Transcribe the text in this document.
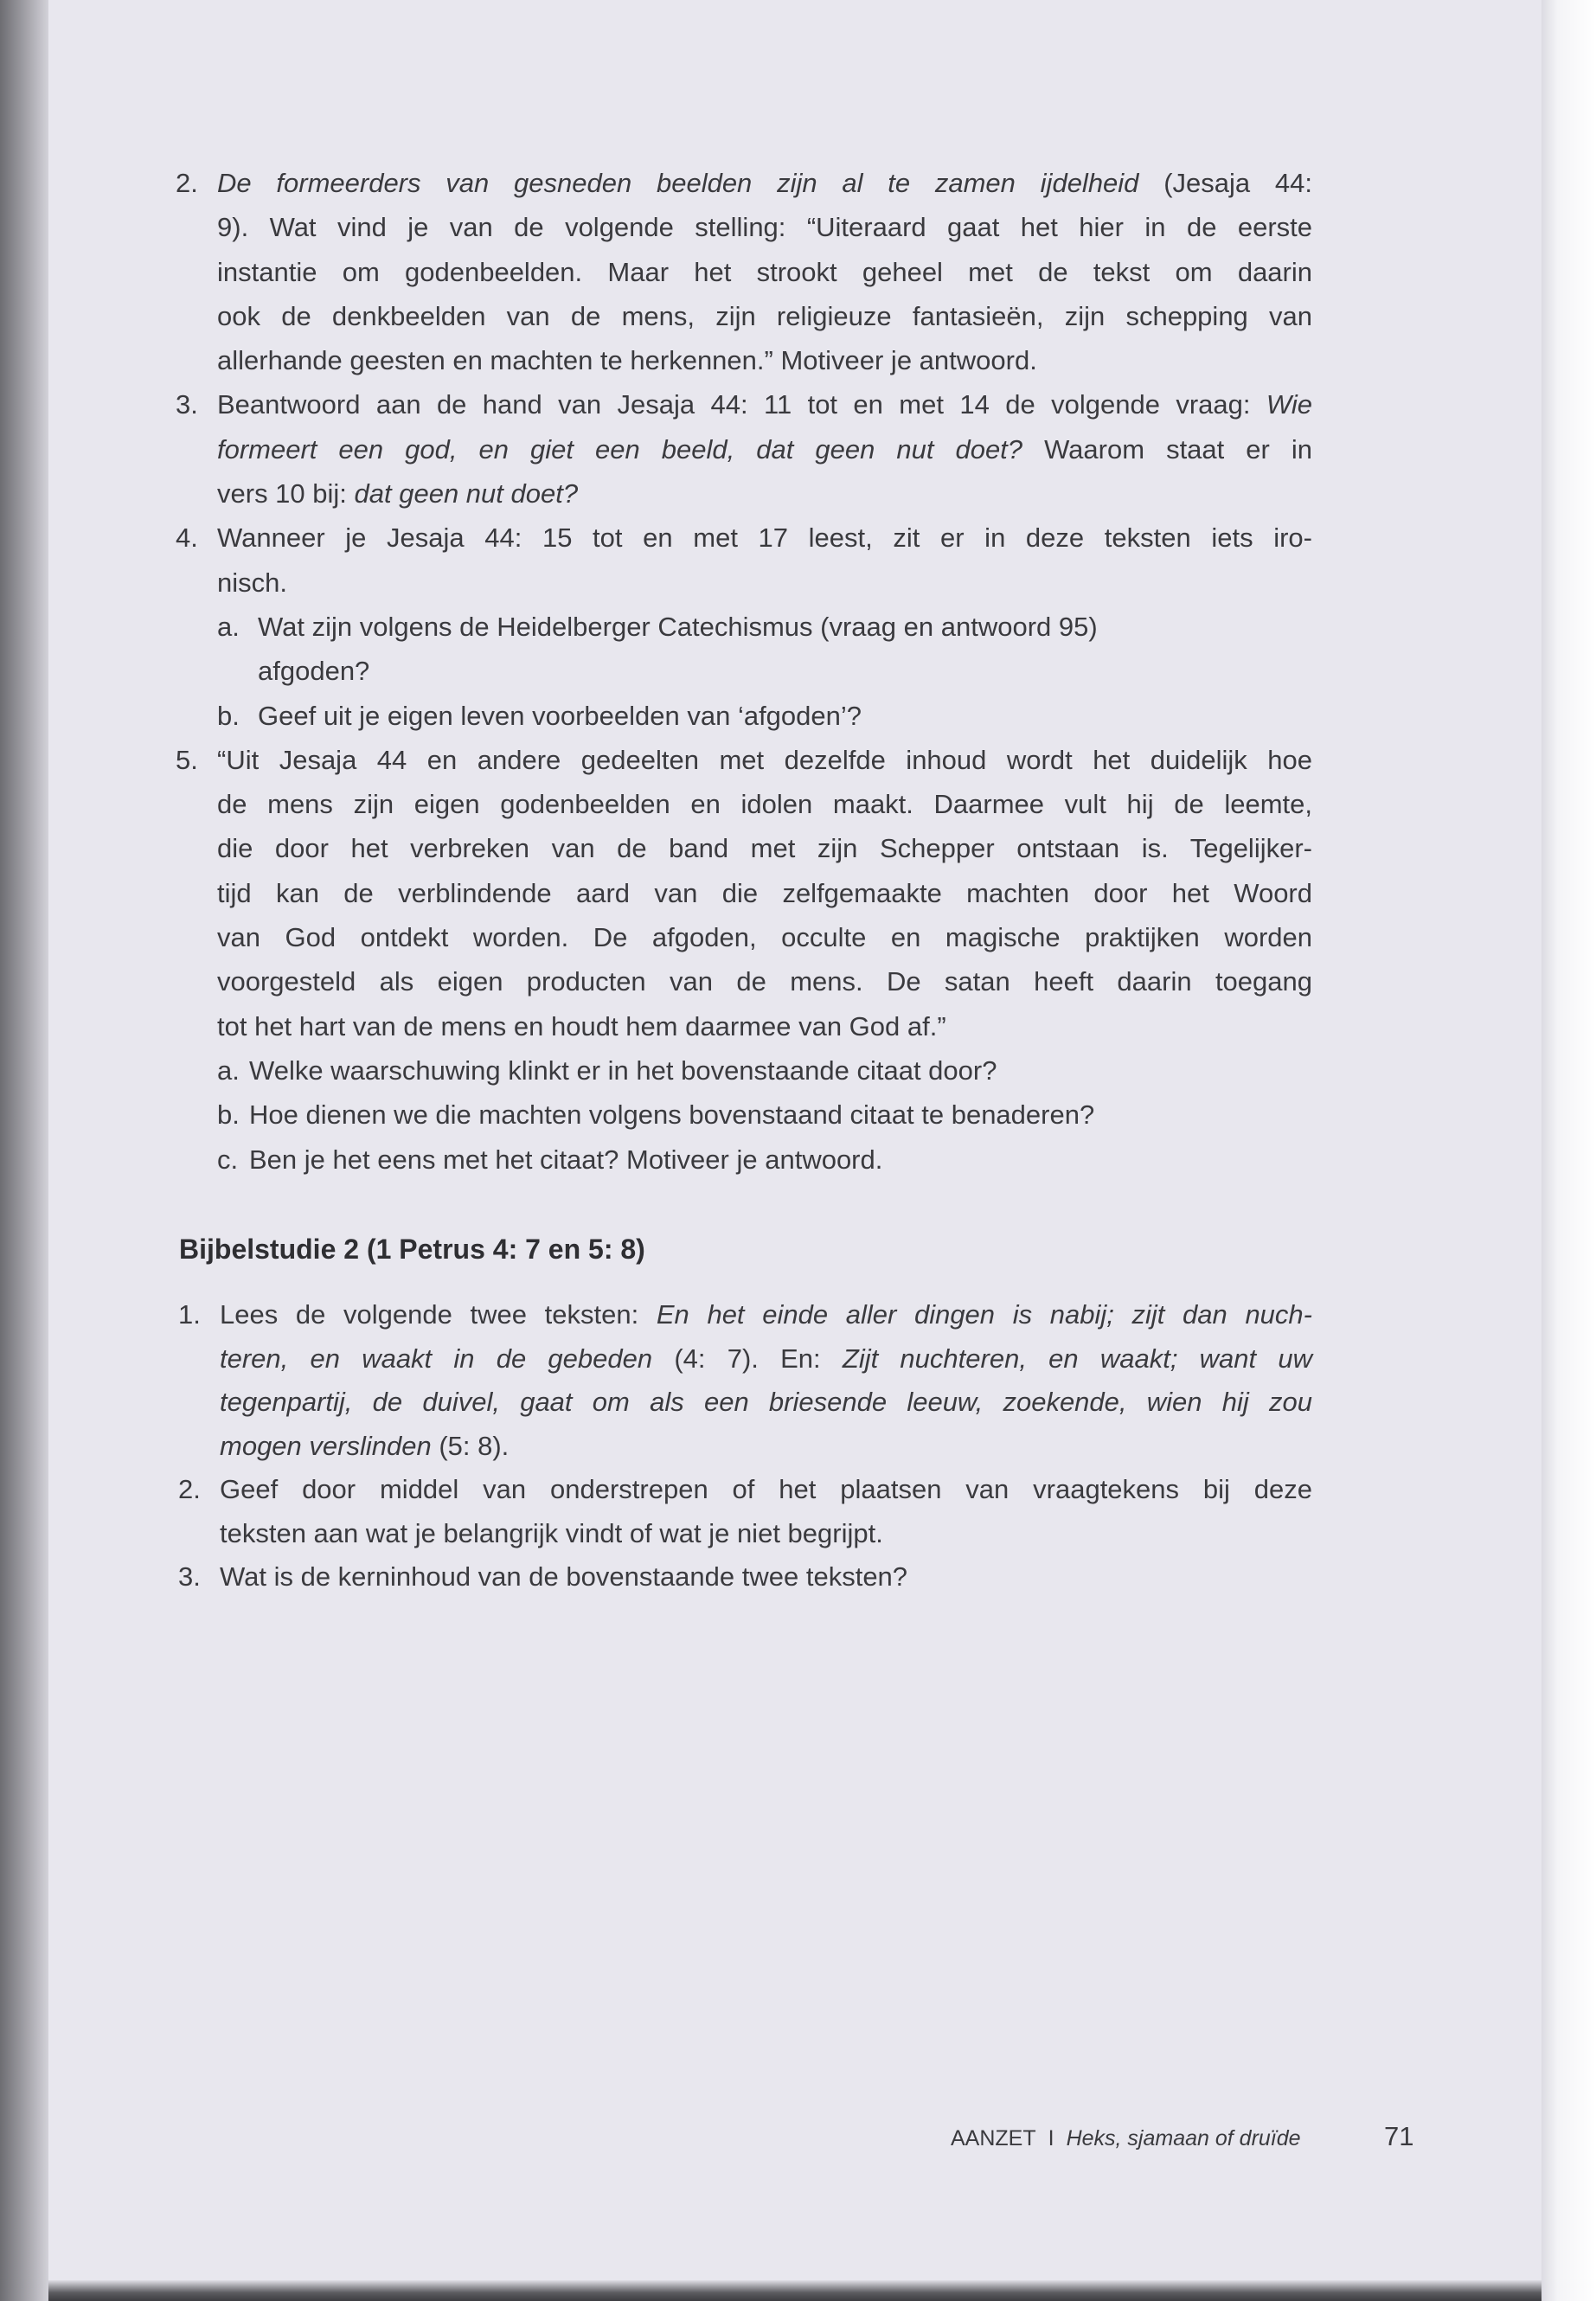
2. De formeerders van gesneden beelden zijn al te zamen ijdelheid (Jesaja 44:
9). Wat vind je van de volgende stelling: “Uiteraard gaat het hier in de eerste
instantie om godenbeelden. Maar het strookt geheel met de tekst om daarin
ook de denkbeelden van de mens, zijn religieuze fantasieën, zijn schepping van
allerhande geesten en machten te herkennen.” Motiveer je antwoord.
3. Beantwoord aan de hand van Jesaja 44: 11 tot en met 14 de volgende vraag: Wie
formeert een god, en giet een beeld, dat geen nut doet? Waarom staat er in
vers 10 bij: dat geen nut doet?
4. Wanneer je Jesaja 44: 15 tot en met 17 leest, zit er in deze teksten iets iro-
nisch.
a. Wat zijn volgens de Heidelberger Catechismus (vraag en antwoord 95)
afgoden?
b. Geef uit je eigen leven voorbeelden van ‘afgoden’?
5. “Uit Jesaja 44 en andere gedeelten met dezelfde inhoud wordt het duidelijk hoe
de mens zijn eigen godenbeelden en idolen maakt. Daarmee vult hij de leemte,
die door het verbreken van de band met zijn Schepper ontstaan is. Tegelijker-
tijd kan de verblindende aard van die zelfgemaakte machten door het Woord
van God ontdekt worden. De afgoden, occulte en magische praktijken worden
voorgesteld als eigen producten van de mens. De satan heeft daarin toegang
tot het hart van de mens en houdt hem daarmee van God af.”
a. Welke waarschuwing klinkt er in het bovenstaande citaat door?
b. Hoe dienen we die machten volgens bovenstaand citaat te benaderen?
c. Ben je het eens met het citaat? Motiveer je antwoord.
Bijbelstudie 2 (1 Petrus 4: 7 en 5: 8)
1. Lees de volgende twee teksten: En het einde aller dingen is nabij; zijt dan nuch-
teren, en waakt in de gebeden (4: 7). En: Zijt nuchteren, en waakt; want uw
tegenpartij, de duivel, gaat om als een briesende leeuw, zoekende, wien hij zou
mogen verslinden (5: 8).
2. Geef door middel van onderstrepen of het plaatsen van vraagtekens bij deze
teksten aan wat je belangrijk vindt of wat je niet begrijpt.
3. Wat is de kerninhoud van de bovenstaande twee teksten?
AANZET I Heks, sjamaan of druïde	71
